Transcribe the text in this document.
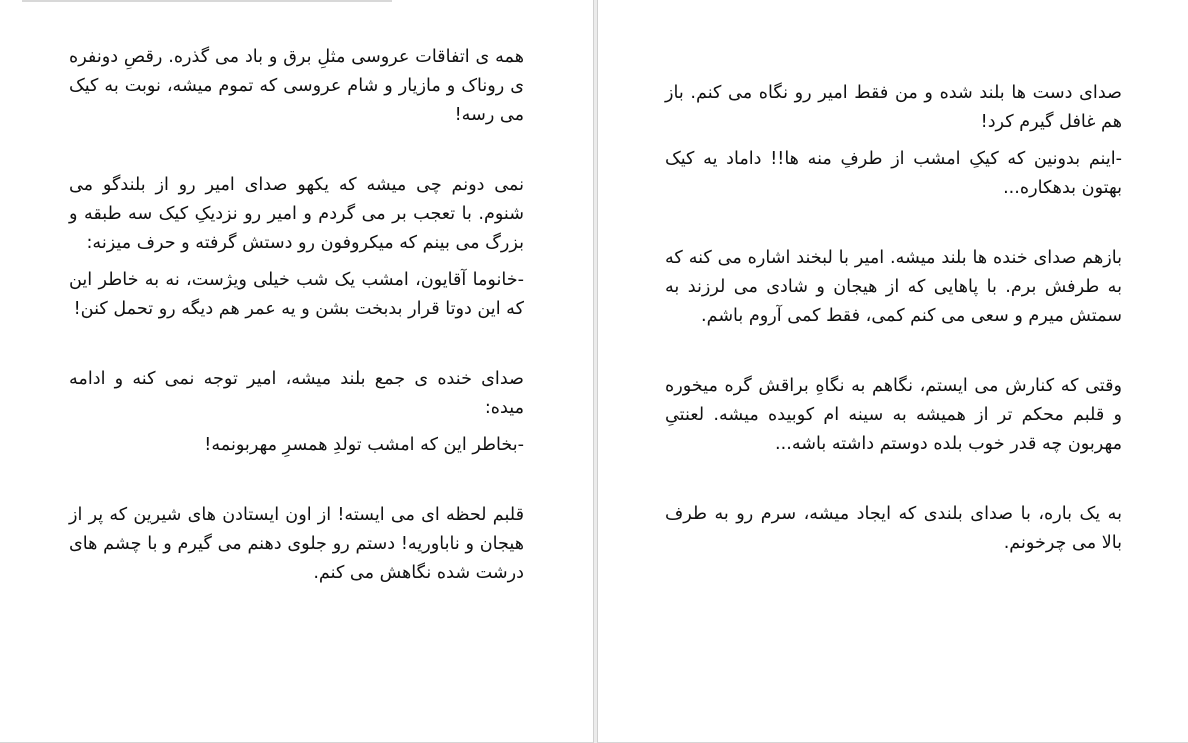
همه ی اتفاقات عروسی مثلِ برق و باد می گذره. رقصِ دونفره ی روناک و مازیار و شام عروسی که تموم میشه، نوبت به کیک می رسه!

نمی دونم چی میشه که یکهو صدای امیر رو از بلندگو می شنوم. با تعجب بر می گردم و امیر رو نزدیکِ کیک سه طبقه و بزرگ می بینم که میکروفون رو دستش گرفته و حرف میزنه:

-خانوما آقایون، امشب یک شب خیلی ویژست، نه به خاطر این که این دوتا قرار بدبخت بشن و یه عمر هم دیگه رو تحمل کنن!

صدای خنده ی جمع بلند میشه، امیر توجه نمی کنه و ادامه میده:

-بخاطر این که امشب تولدِ همسرِ مهربونمه!

قلبم لحظه ای می ایسته! از اون ایستادن های شیرین که پر از هیجان و ناباوریه! دستم رو جلوی دهنم می گیرم و با چشم های درشت شده نگاهش می کنم.

صدای دست ها بلند شده و من فقط امیر رو نگاه می کنم. باز هم غافل گیرم کرد!

-اینم بدونین که کیکِ امشب از طرفِ منه ها!! داماد یه کیک بهتون بدهکاره...

بازهم صدای خنده ها بلند میشه. امیر با لبخند اشاره می کنه که به طرفش برم. با پاهایی که از هیجان و شادی می لرزند به سمتش میرم و سعی می کنم کمی، فقط کمی آروم باشم.

وقتی که کنارش می ایستم، نگاهم به نگاهِ براقش گره میخوره و قلبم محکم تر از همیشه به سینه ام کوبیده میشه. لعنتیِ مهربون چه قدر خوب بلده دوستم داشته باشه...

به یک باره، با صدای بلندی که ایجاد میشه، سرم رو به طرف بالا می چرخونم.
